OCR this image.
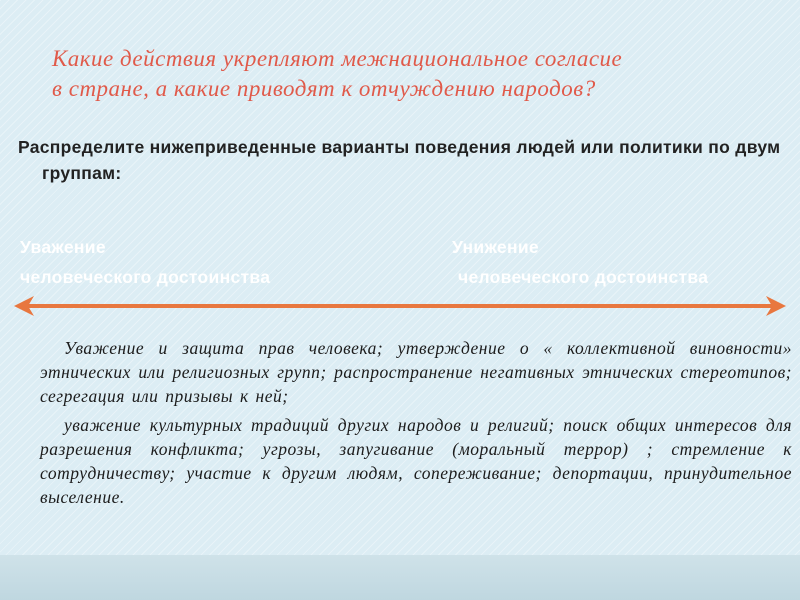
Какие действия укрепляют межнациональное согласие
в стране, а какие приводят к отчуждению народов?
Распределите нижеприведенные варианты поведения людей или политики по двум группам:
Уважение
человеческого достоинства
Унижение
человеческого достоинства

Уважение и защита прав человека; утверждение о « коллективной виновности» этнических или религиозных групп; распространение негативных этнических стереотипов; сегрегация или призывы к ней;

уважение культурных традиций других народов и религий; поиск общих интересов для разрешения конфликта; угрозы, запугивание (моральный террор) ; стремление к сотрудничеству; участие к другим людям, сопереживание; депортации, принудительное выселение.
